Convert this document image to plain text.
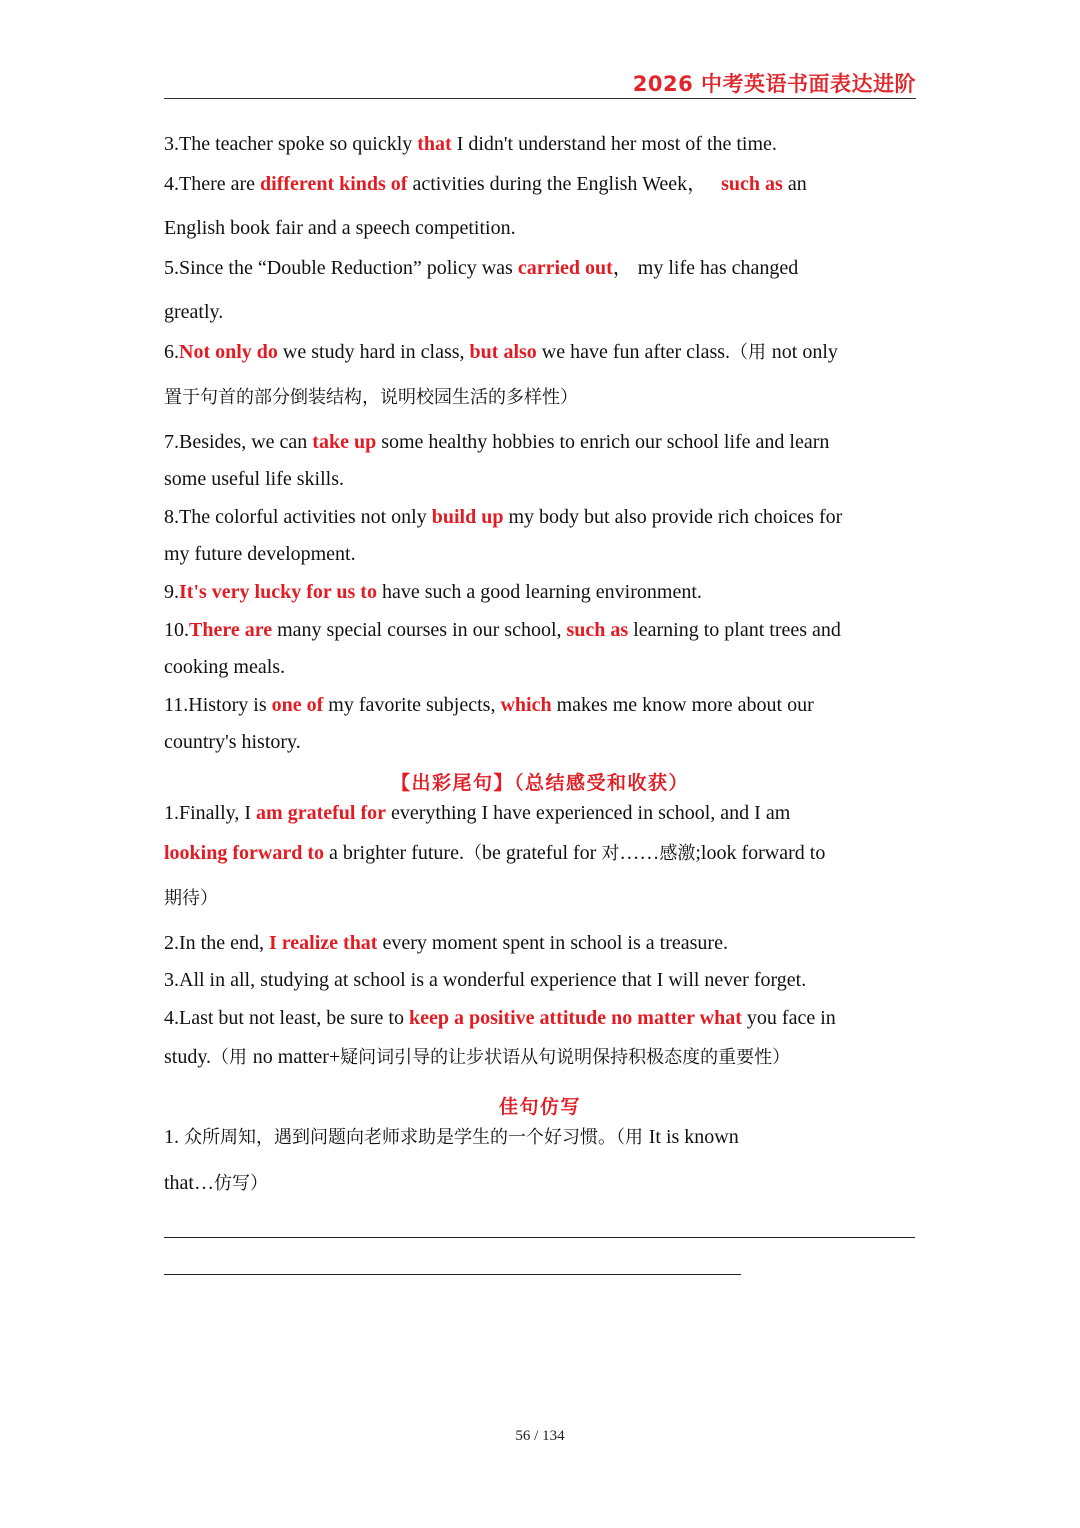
2026 中考英语书面表达进阶
3.The teacher spoke so quickly that I didn't understand her most of the time.
4.There are different kinds of activities during the English Week， such as an
English book fair and a speech competition.
5.Since the “Double Reduction” policy was carried out， my life has changed
greatly.
6.Not only do we study hard in class, but also we have fun after class.（用 not only
置于句首的部分倒装结构，说明校园生活的多样性）
7.Besides, we can take up some healthy hobbies to enrich our school life and learn
some useful life skills.
8.The colorful activities not only build up my body but also provide rich choices for
my future development.
9.It's very lucky for us to have such a good learning environment.
10.There are many special courses in our school, such as learning to plant trees and
cooking meals.
11.History is one of my favorite subjects, which makes me know more about our
country's history.
【出彩尾句】（总结感受和收获）
1.Finally, I am grateful for everything I have experienced in school, and I am
looking forward to a brighter future.（be grateful for 对……感激;look forward to
期待）
2.In the end, I realize that every moment spent in school is a treasure.
3.All in all, studying at school is a wonderful experience that I will never forget.
4.Last but not least, be sure to keep a positive attitude no matter what you face in
study.（用 no matter+疑问词引导的让步状语从句说明保持积极态度的重要性）
佳句仿写
1. 众所周知，遇到问题向老师求助是学生的一个好习惯。（用 It is known
that…仿写）
56 / 134
